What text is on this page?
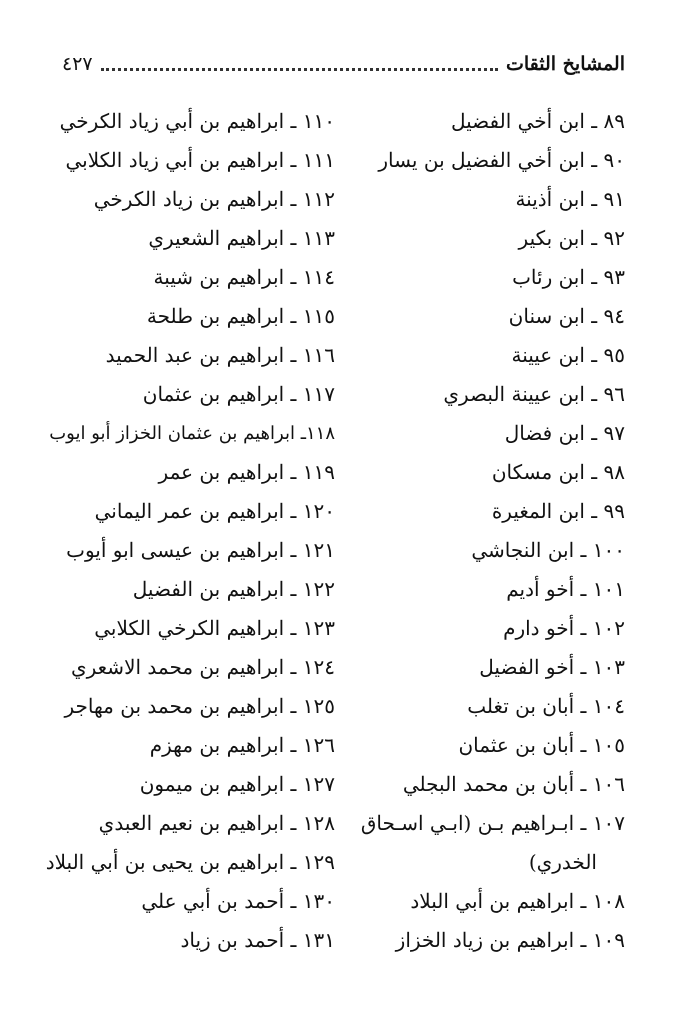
المشايخ الثقات
٤٢٧
٨٩ ـ ابن أخي الفضيل
٩٠ ـ ابن أخي الفضيل بن يسار
٩١ ـ ابن أذينة
٩٢ ـ ابن بكير
٩٣ ـ ابن رئاب
٩٤ ـ ابن سنان
٩٥ ـ ابن عيينة
٩٦ ـ ابن عيينة البصري
٩٧ ـ ابن فضال
٩٨ ـ ابن مسكان
٩٩ ـ ابن المغيرة
١٠٠ ـ ابن النجاشي
١٠١ ـ أخو أديم
١٠٢ ـ أخو دارم
١٠٣ ـ أخو الفضيل
١٠٤ ـ أبان بن تغلب
١٠٥ ـ أبان بن عثمان
١٠٦ ـ أبان بن محمد البجلي
١٠٧ ـ ابـراهيم بـن (ابـي اسـحاق
الخدري)
١٠٨ ـ ابراهيم بن أبي البلاد
١٠٩ ـ ابراهيم بن زياد الخزاز
١١٠ ـ ابراهيم بن أبي زياد الكرخي
١١١ ـ ابراهيم بن أبي زياد الكلابي
١١٢ ـ ابراهيم بن زياد الكرخي
١١٣ ـ ابراهيم الشعيري
١١٤ ـ ابراهيم بن شيبة
١١٥ ـ ابراهيم بن طلحة
١١٦ ـ ابراهيم بن عبد الحميد
١١٧ ـ ابراهيم بن عثمان
١١٨ـ ابراهيم بن عثمان الخزاز أبو ايوب
١١٩ ـ ابراهيم بن عمر
١٢٠ ـ ابراهيم بن عمر اليماني
١٢١ ـ ابراهيم بن عيسى ابو أيوب
١٢٢ ـ ابراهيم بن الفضيل
١٢٣ ـ ابراهيم الكرخي الكلابي
١٢٤ ـ ابراهيم بن محمد الاشعري
١٢٥ ـ ابراهيم بن محمد بن مهاجر
١٢٦ ـ ابراهيم بن مهزم
١٢٧ ـ ابراهيم بن ميمون
١٢٨ ـ ابراهيم بن نعيم العبدي
١٢٩ ـ ابراهيم بن يحيى بن أبي البلاد
١٣٠ ـ أحمد بن أبي علي
١٣١ ـ أحمد بن زياد
